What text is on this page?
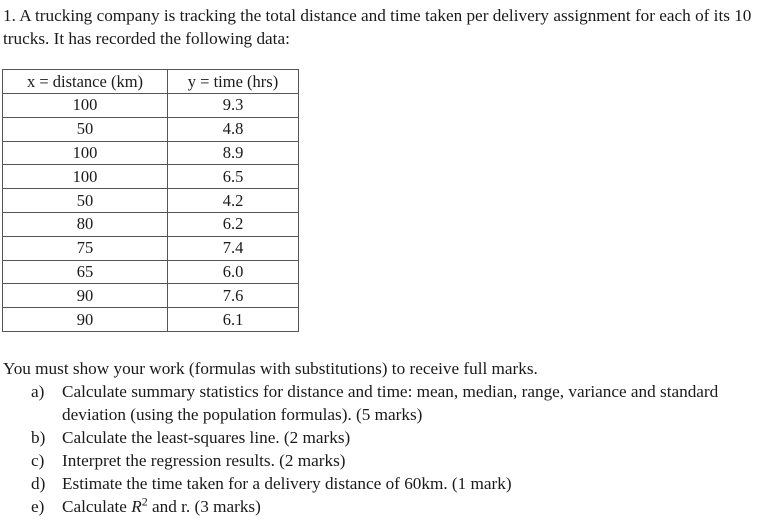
1. A trucking company is tracking the total distance and time taken per delivery assignment for each of its 10 trucks. It has recorded the following data:
x = distance (km)	y = time (hrs)
100	9.3
50	4.8
100	8.9
100	6.5
50	4.2
80	6.2
75	7.4
65	6.0
90	7.6
90	6.1
You must show your work (formulas with substitutions) to receive full marks.
a) Calculate summary statistics for distance and time: mean, median, range, variance and standard deviation (using the population formulas). (5 marks)
b) Calculate the least-squares line. (2 marks)
c) Interpret the regression results. (2 marks)
d) Estimate the time taken for a delivery distance of 60km. (1 mark)
e) Calculate $R^2$ and r. (3 marks)
